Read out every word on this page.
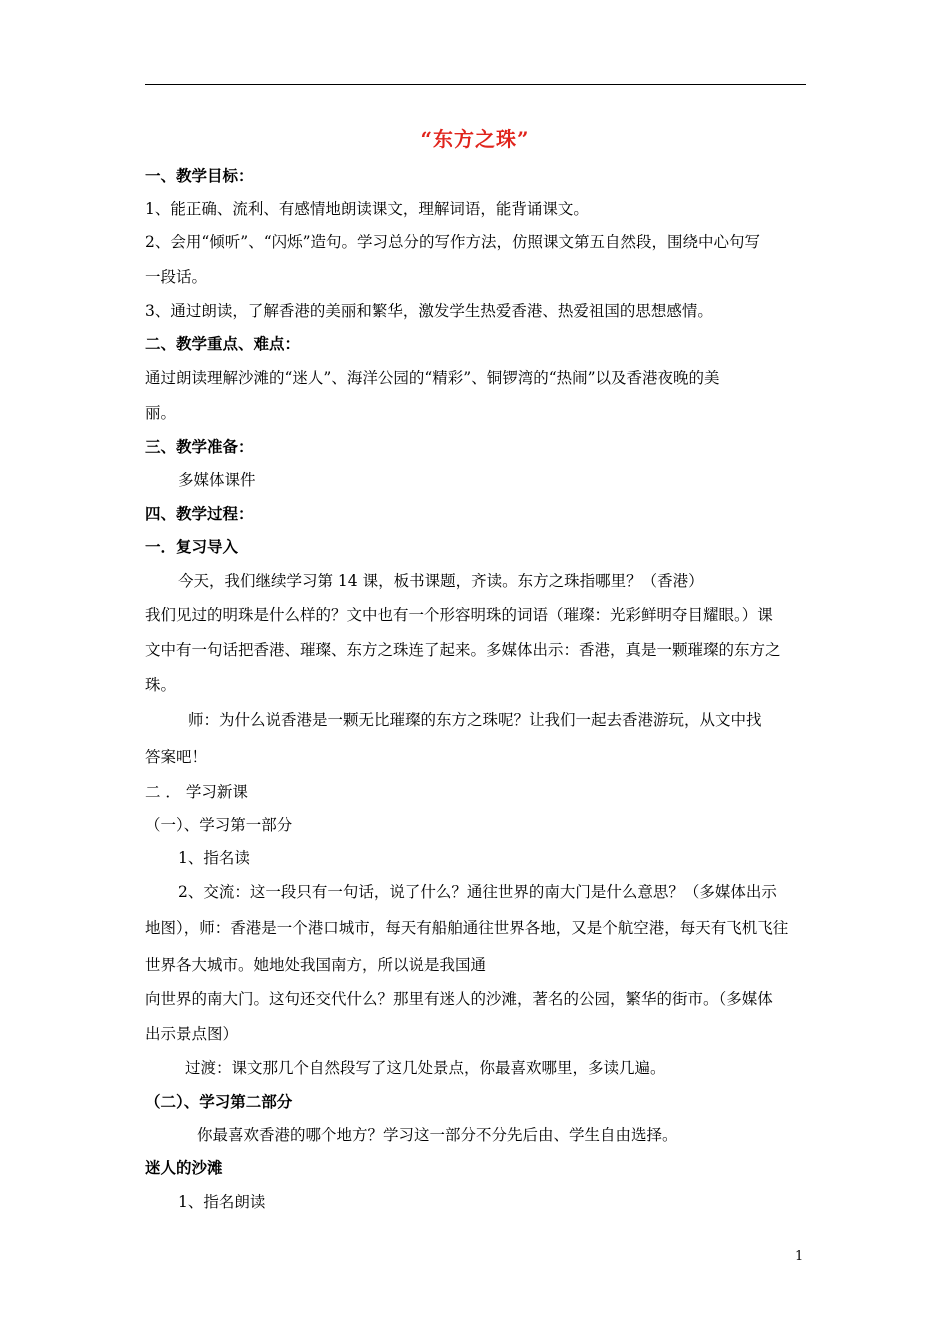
“东方之珠”
一、教学目标：
1、能正确、流利、有感情地朗读课文，理解词语，能背诵课文。
2、会用“倾听”、“闪烁”造句。学习总分的写作方法，仿照课文第五自然段，围绕中心句写
一段话。
3、通过朗读，了解香港的美丽和繁华，激发学生热爱香港、热爱祖国的思想感情。
二、教学重点、难点：
通过朗读理解沙滩的“迷人”、海洋公园的“精彩”、铜锣湾的“热闹”以及香港夜晚的美
丽。
三、教学准备：
多媒体课件
四、教学过程：
一．复习导入
今天，我们继续学习第 14 课，板书课题，齐读。东方之珠指哪里？（香港）
我们见过的明珠是什么样的？文中也有一个形容明珠的词语（璀璨：光彩鲜明夺目耀眼。）课
文中有一句话把香港、璀璨、东方之珠连了起来。多媒体出示：香港，真是一颗璀璨的东方之
珠。
师：为什么说香港是一颗无比璀璨的东方之珠呢？让我们一起去香港游玩，从文中找
答案吧！
二 ． 学习新课
（一）、学习第一部分
1、指名读
2、交流：这一段只有一句话，说了什么？通往世界的南大门是什么意思？（多媒体出示
地图），师：香港是一个港口城市，每天有船舶通往世界各地，又是个航空港，每天有飞机飞往
世界各大城市。她地处我国南方，所以说是我国通
向世界的南大门。这句还交代什么？那里有迷人的沙滩，著名的公园，繁华的街市。（多媒体
出示景点图）
过渡：课文那几个自然段写了这几处景点，你最喜欢哪里，多读几遍。
（二）、学习第二部分
你最喜欢香港的哪个地方？学习这一部分不分先后由、学生自由选择。
迷人的沙滩
1、指名朗读
1
